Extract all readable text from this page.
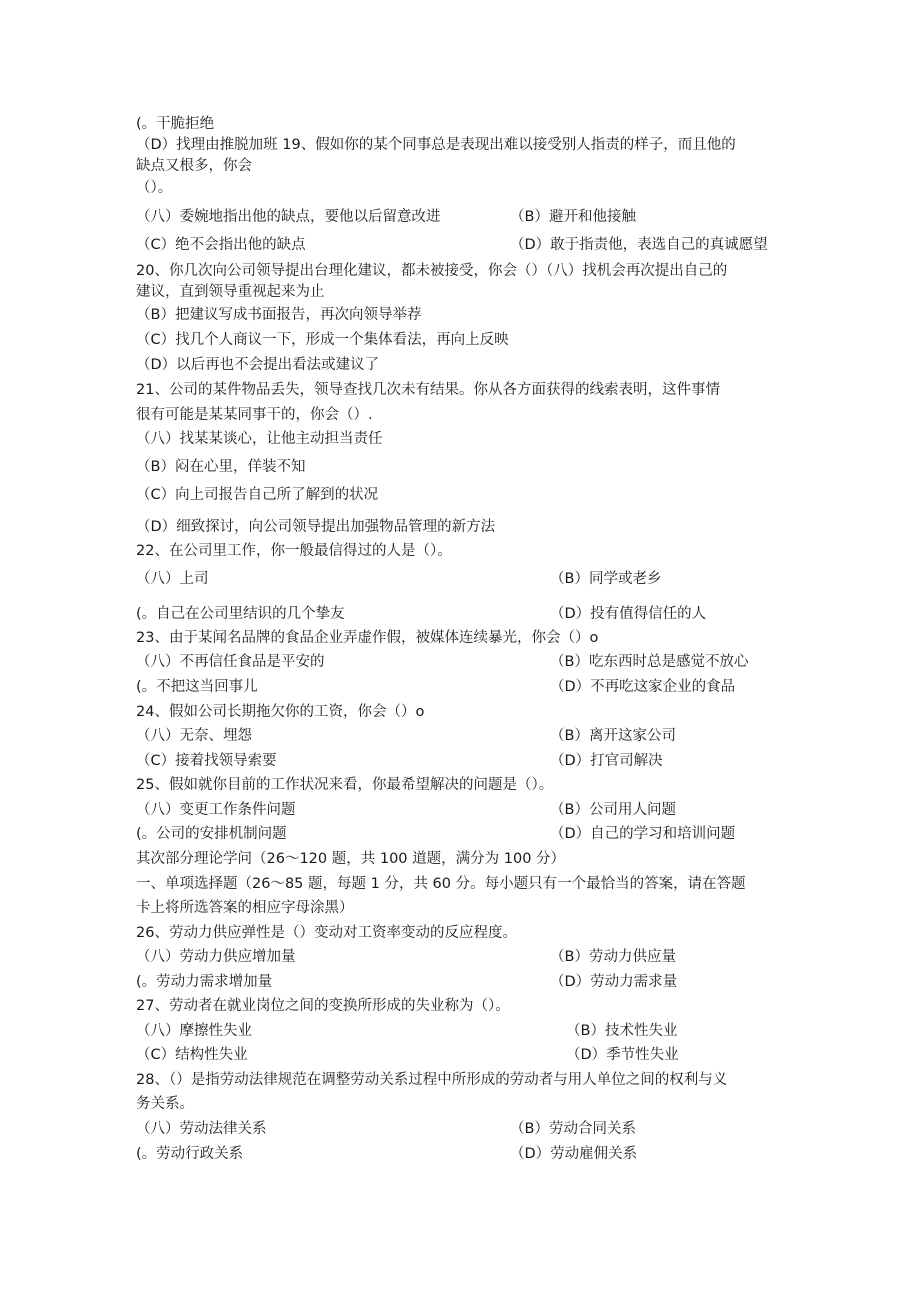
(。干脆拒绝
（D）找理由推脱加班 19、假如你的某个同事总是表现出难以接受别人指责的样子，而且他的
缺点又根多，你会
（）。
（八）委婉地指出他的缺点，要他以后留意改进	（B）避开和他接触
（C）绝不会指出他的缺点	（D）敢于指责他，表选自己的真诚愿望
20、你几次向公司领导提出台理化建议，都未被接受，你会（）（八）找机会再次提出自己的
建议，直到领导重视起来为止
（B）把建议写成书面报告，再次向领导举荐
（C）找几个人商议一下，形成一个集体看法，再向上反映
（D）以后再也不会提出看法或建议了
21、公司的某件物品丢失，领导查找几次未有结果。你从各方面获得的线索表明，这件事情
很有可能是某某同事干的，你会（）.
（八）找某某谈心，让他主动担当责任
（B）闷在心里，佯装不知
（C）向上司报告自己所了解到的状况
（D）细致探讨，向公司领导提出加强物品管理的新方法
22、在公司里工作，你一般最信得过的人是（）。
（八）上司	（B）同学或老乡
(。自己在公司里结识的几个挚友	（D）投有值得信任的人
23、由于某闻名品牌的食品企业弄虚作假，被媒体连续暴光，你会（）o
（八）不再信任食品是平安的	（B）吃东西时总是感觉不放心
(。不把这当回事儿	（D）不再吃这家企业的食品
24、假如公司长期拖欠你的工资，你会（）o
（八）无奈、埋怨	（B）离开这家公司
（C）接着找领导索要	（D）打官司解决
25、假如就你目前的工作状况来看，你最希望解决的问题是（）。
（八）变更工作条件问题	（B）公司用人问题
(。公司的安排机制问题	（D）自己的学习和培训问题
其次部分理论学问（26～120 题，共 100 道题，满分为 100 分）
一、单项选择题（26～85 题，每题 1 分，共 60 分。每小题只有一个最恰当的答案，请在答题
卡上将所选答案的相应字母涂黑）
26、劳动力供应弹性是（）变动对工资率变动的反应程度。
（八）劳动力供应增加量	（B）劳动力供应量
(。劳动力需求增加量	（D）劳动力需求量
27、劳动者在就业岗位之间的变换所形成的失业称为（）。
（八）摩擦性失业	（B）技术性失业
（C）结构性失业	（D）季节性失业
28、（）是指劳动法律规范在调整劳动关系过程中所形成的劳动者与用人单位之间的权利与义
务关系。
（八）劳动法律关系	（B）劳动合同关系
(。劳动行政关系	（D）劳动雇佣关系
